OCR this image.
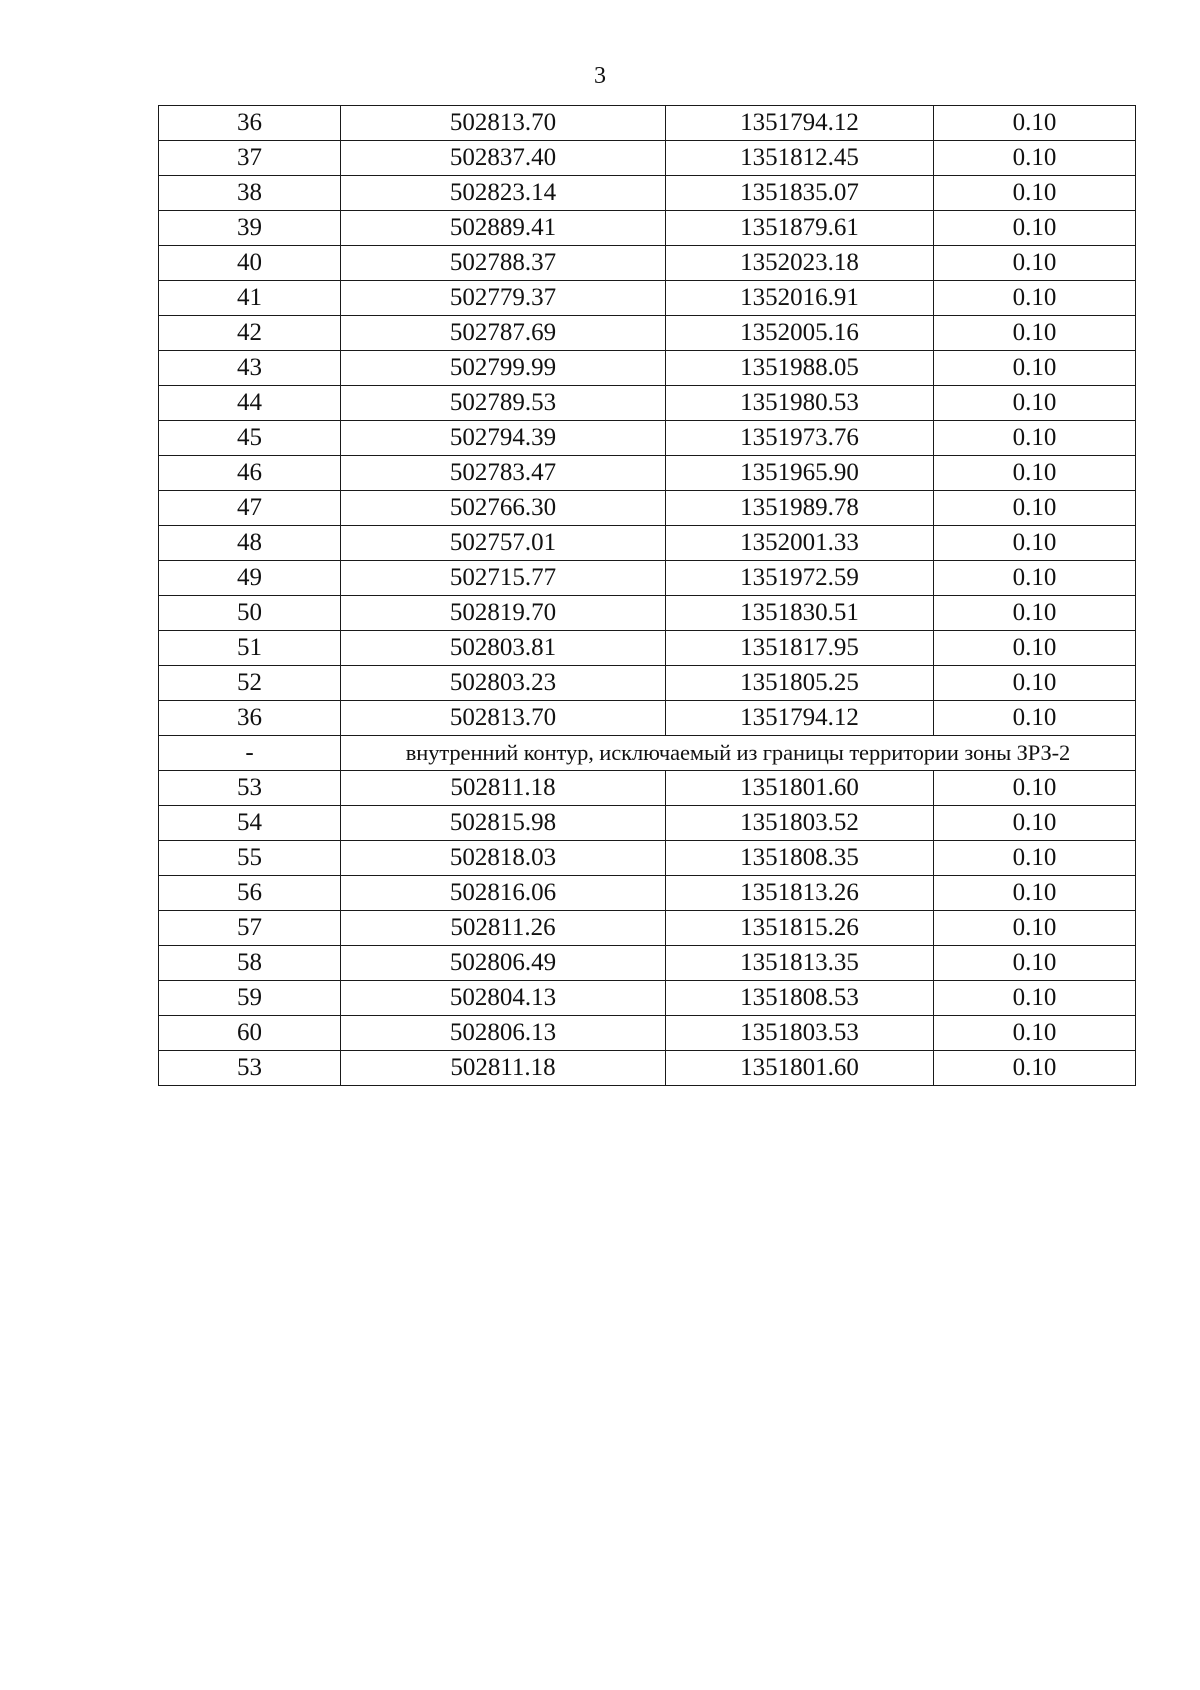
3
36	502813.70	1351794.12	0.10
37	502837.40	1351812.45	0.10
38	502823.14	1351835.07	0.10
39	502889.41	1351879.61	0.10
40	502788.37	1352023.18	0.10
41	502779.37	1352016.91	0.10
42	502787.69	1352005.16	0.10
43	502799.99	1351988.05	0.10
44	502789.53	1351980.53	0.10
45	502794.39	1351973.76	0.10
46	502783.47	1351965.90	0.10
47	502766.30	1351989.78	0.10
48	502757.01	1352001.33	0.10
49	502715.77	1351972.59	0.10
50	502819.70	1351830.51	0.10
51	502803.81	1351817.95	0.10
52	502803.23	1351805.25	0.10
36	502813.70	1351794.12	0.10
-	внутренний контур, исключаемый из границы территории зоны ЗРЗ-2		
53	502811.18	1351801.60	0.10
54	502815.98	1351803.52	0.10
55	502818.03	1351808.35	0.10
56	502816.06	1351813.26	0.10
57	502811.26	1351815.26	0.10
58	502806.49	1351813.35	0.10
59	502804.13	1351808.53	0.10
60	502806.13	1351803.53	0.10
53	502811.18	1351801.60	0.10
